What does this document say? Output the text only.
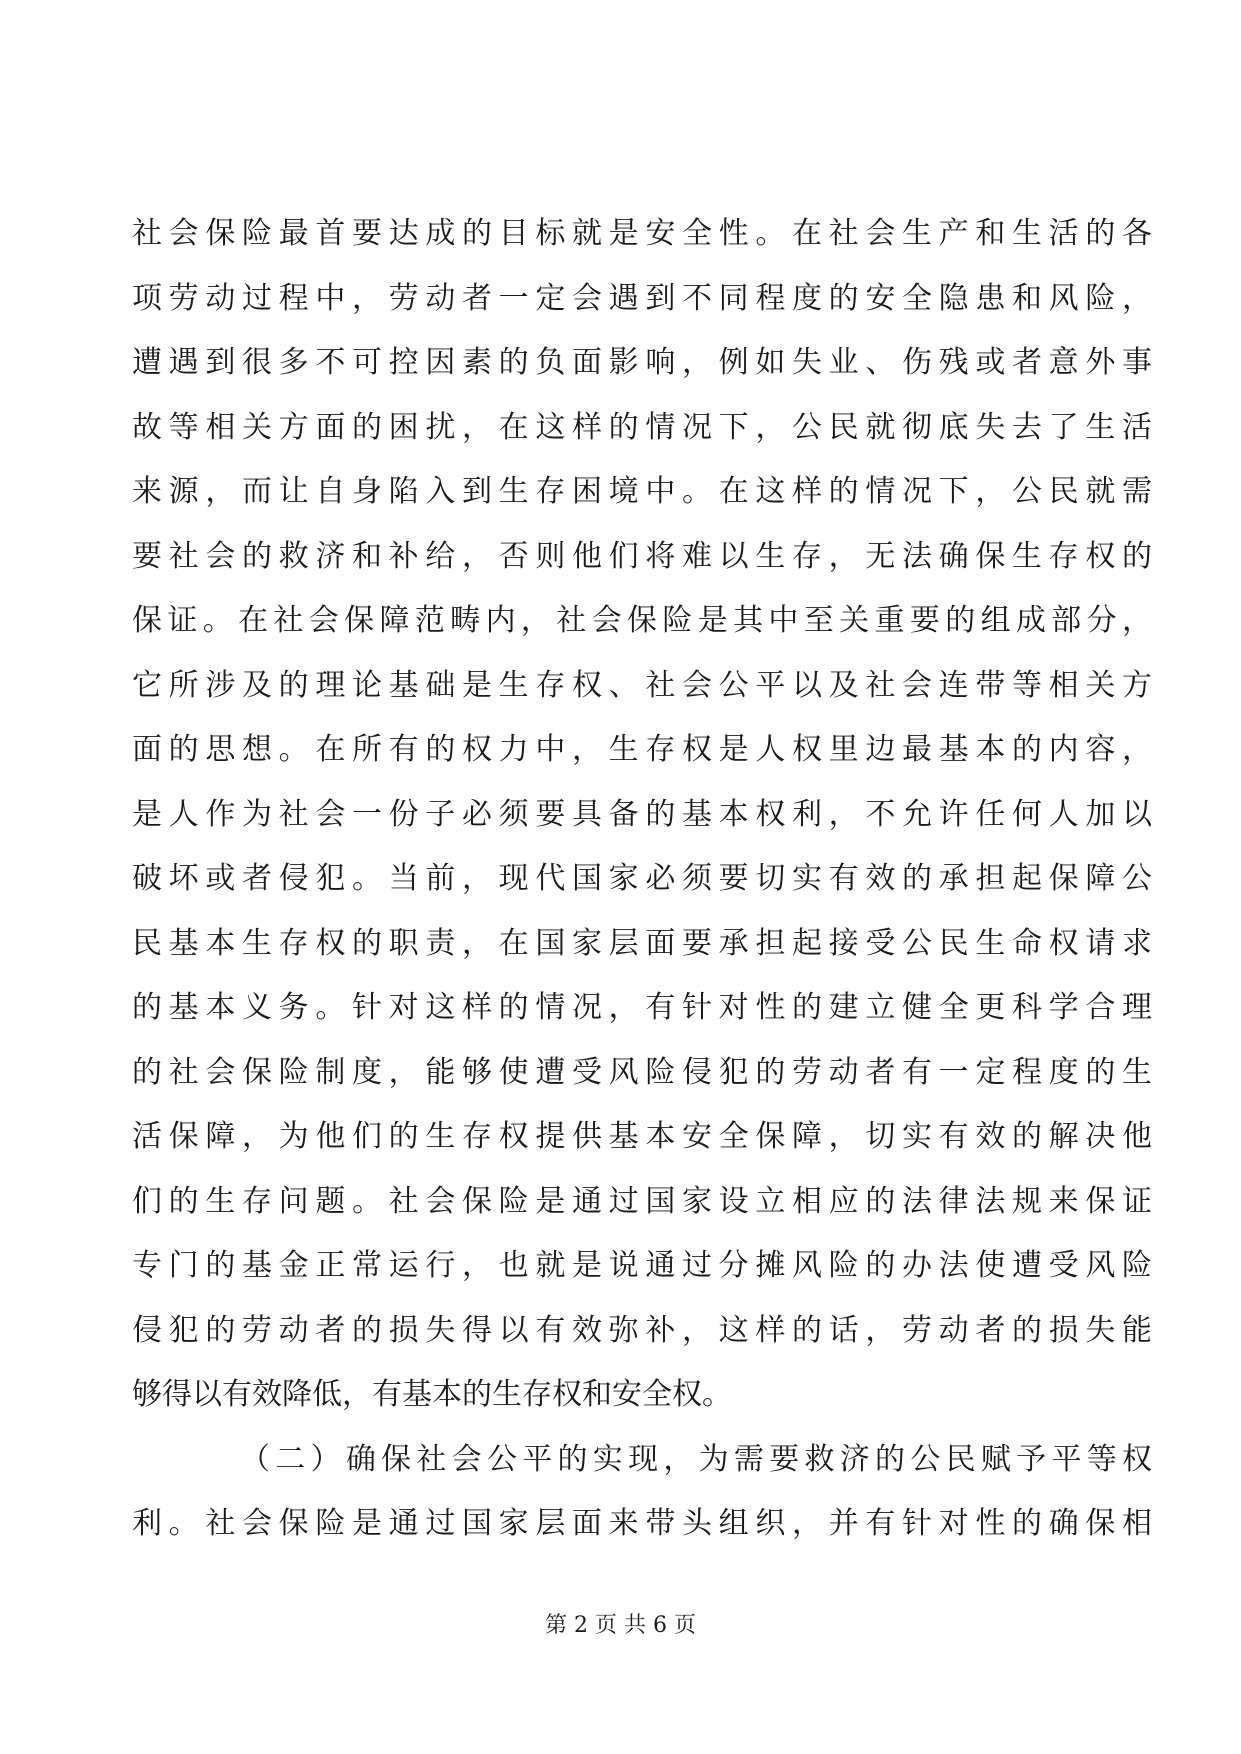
社会保险最首要达成的目标就是安全性。在社会生产和生活的各
项劳动过程中，劳动者一定会遇到不同程度的安全隐患和风险，
遭遇到很多不可控因素的负面影响，例如失业、伤残或者意外事
故等相关方面的困扰，在这样的情况下，公民就彻底失去了生活
来源，而让自身陷入到生存困境中。在这样的情况下，公民就需
要社会的救济和补给，否则他们将难以生存，无法确保生存权的
保证。在社会保障范畴内，社会保险是其中至关重要的组成部分，
它所涉及的理论基础是生存权、社会公平以及社会连带等相关方
面的思想。在所有的权力中，生存权是人权里边最基本的内容，
是人作为社会一份子必须要具备的基本权利，不允许任何人加以
破坏或者侵犯。当前，现代国家必须要切实有效的承担起保障公
民基本生存权的职责，在国家层面要承担起接受公民生命权请求
的基本义务。针对这样的情况，有针对性的建立健全更科学合理
的社会保险制度，能够使遭受风险侵犯的劳动者有一定程度的生
活保障，为他们的生存权提供基本安全保障，切实有效的解决他
们的生存问题。社会保险是通过国家设立相应的法律法规来保证
专门的基金正常运行，也就是说通过分摊风险的办法使遭受风险
侵犯的劳动者的损失得以有效弥补，这样的话，劳动者的损失能
够得以有效降低，有基本的生存权和安全权。
（二）确保社会公平的实现，为需要救济的公民赋予平等权
利。社会保险是通过国家层面来带头组织，并有针对性的确保相
第 2 页 共 6 页
